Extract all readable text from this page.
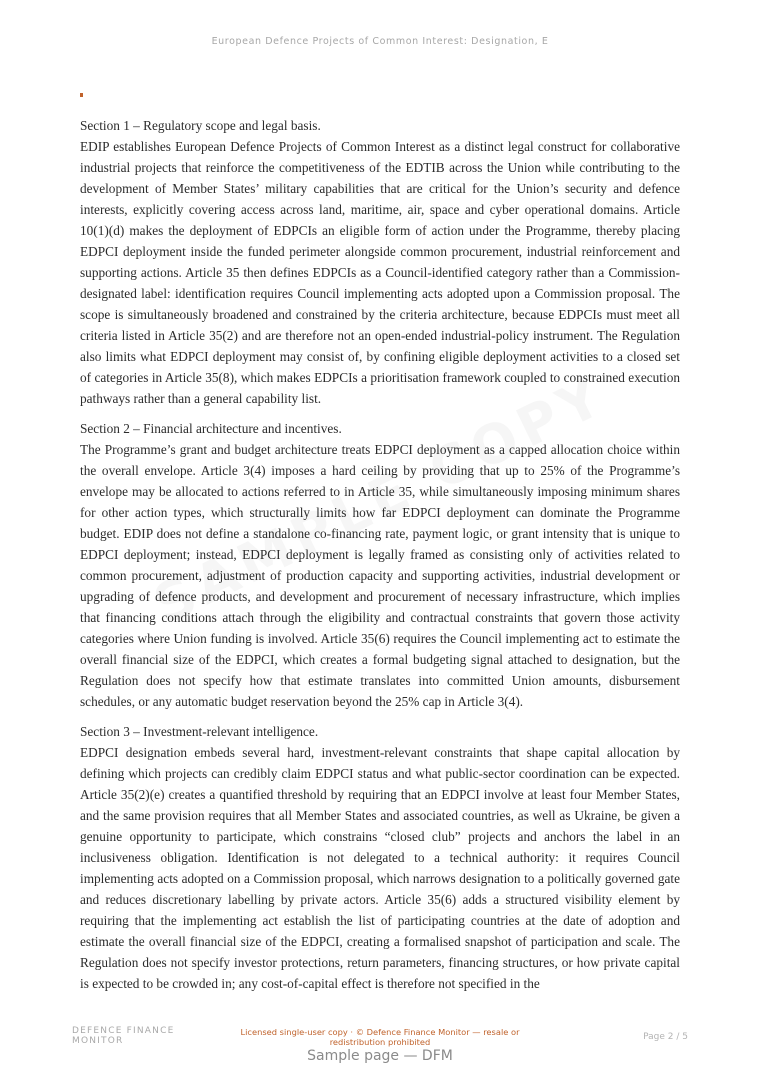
European Defence Projects of Common Interest: Designation, E
Section 1 – Regulatory scope and legal basis.

EDIP establishes European Defence Projects of Common Interest as a distinct legal construct for collaborative industrial projects that reinforce the competitiveness of the EDTIB across the Union while contributing to the development of Member States’ military capabilities that are critical for the Union’s security and defence interests, explicitly covering access across land, maritime, air, space and cyber operational domains. Article 10(1)(d) makes the deployment of EDPCIs an eligible form of action under the Programme, thereby placing EDPCI deployment inside the funded perimeter alongside common procurement, industrial reinforcement and supporting actions. Article 35 then defines EDPCIs as a Council-identified category rather than a Commission-designated label: identification requires Council implementing acts adopted upon a Commission proposal. The scope is simultaneously broadened and constrained by the criteria architecture, because EDPCIs must meet all criteria listed in Article 35(2) and are therefore not an open-ended industrial-policy instrument. The Regulation also limits what EDPCI deployment may consist of, by confining eligible deployment activities to a closed set of categories in Article 35(8), which makes EDPCIs a prioritisation framework coupled to constrained execution pathways rather than a general capability list.

Section 2 – Financial architecture and incentives.

The Programme’s grant and budget architecture treats EDPCI deployment as a capped allocation choice within the overall envelope. Article 3(4) imposes a hard ceiling by providing that up to 25% of the Programme’s envelope may be allocated to actions referred to in Article 35, while simultaneously imposing minimum shares for other action types, which structurally limits how far EDPCI deployment can dominate the Programme budget. EDIP does not define a standalone co-financing rate, payment logic, or grant intensity that is unique to EDPCI deployment; instead, EDPCI deployment is legally framed as consisting only of activities related to common procurement, adjustment of production capacity and supporting activities, industrial development or upgrading of defence products, and development and procurement of necessary infrastructure, which implies that financing conditions attach through the eligibility and contractual constraints that govern those activity categories where Union funding is involved. Article 35(6) requires the Council implementing act to estimate the overall financial size of the EDPCI, which creates a formal budgeting signal attached to designation, but the Regulation does not specify how that estimate translates into committed Union amounts, disbursement schedules, or any automatic budget reservation beyond the 25% cap in Article 3(4).

Section 3 – Investment-relevant intelligence.

EDPCI designation embeds several hard, investment-relevant constraints that shape capital allocation by defining which projects can credibly claim EDPCI status and what public-sector coordination can be expected. Article 35(2)(e) creates a quantified threshold by requiring that an EDPCI involve at least four Member States, and the same provision requires that all Member States and associated countries, as well as Ukraine, be given a genuine opportunity to participate, which constrains “closed club” projects and anchors the label in an inclusiveness obligation. Identification is not delegated to a technical authority: it requires Council implementing acts adopted on a Commission proposal, which narrows designation to a politically governed gate and reduces discretionary labelling by private actors. Article 35(6) adds a structured visibility element by requiring that the implementing act establish the list of participating countries at the date of adoption and estimate the overall financial size of the EDPCI, creating a formalised snapshot of participation and scale. The Regulation does not specify investor protections, return parameters, financing structures, or how private capital is expected to be crowded in; any cost-of-capital effect is therefore not specified in the

DEFENCE FINANCE
MONITOR
Licensed single-user copy · © Defence Finance Monitor — resale or redistribution prohibited	Page 2 / 5
Sample page — DFM
